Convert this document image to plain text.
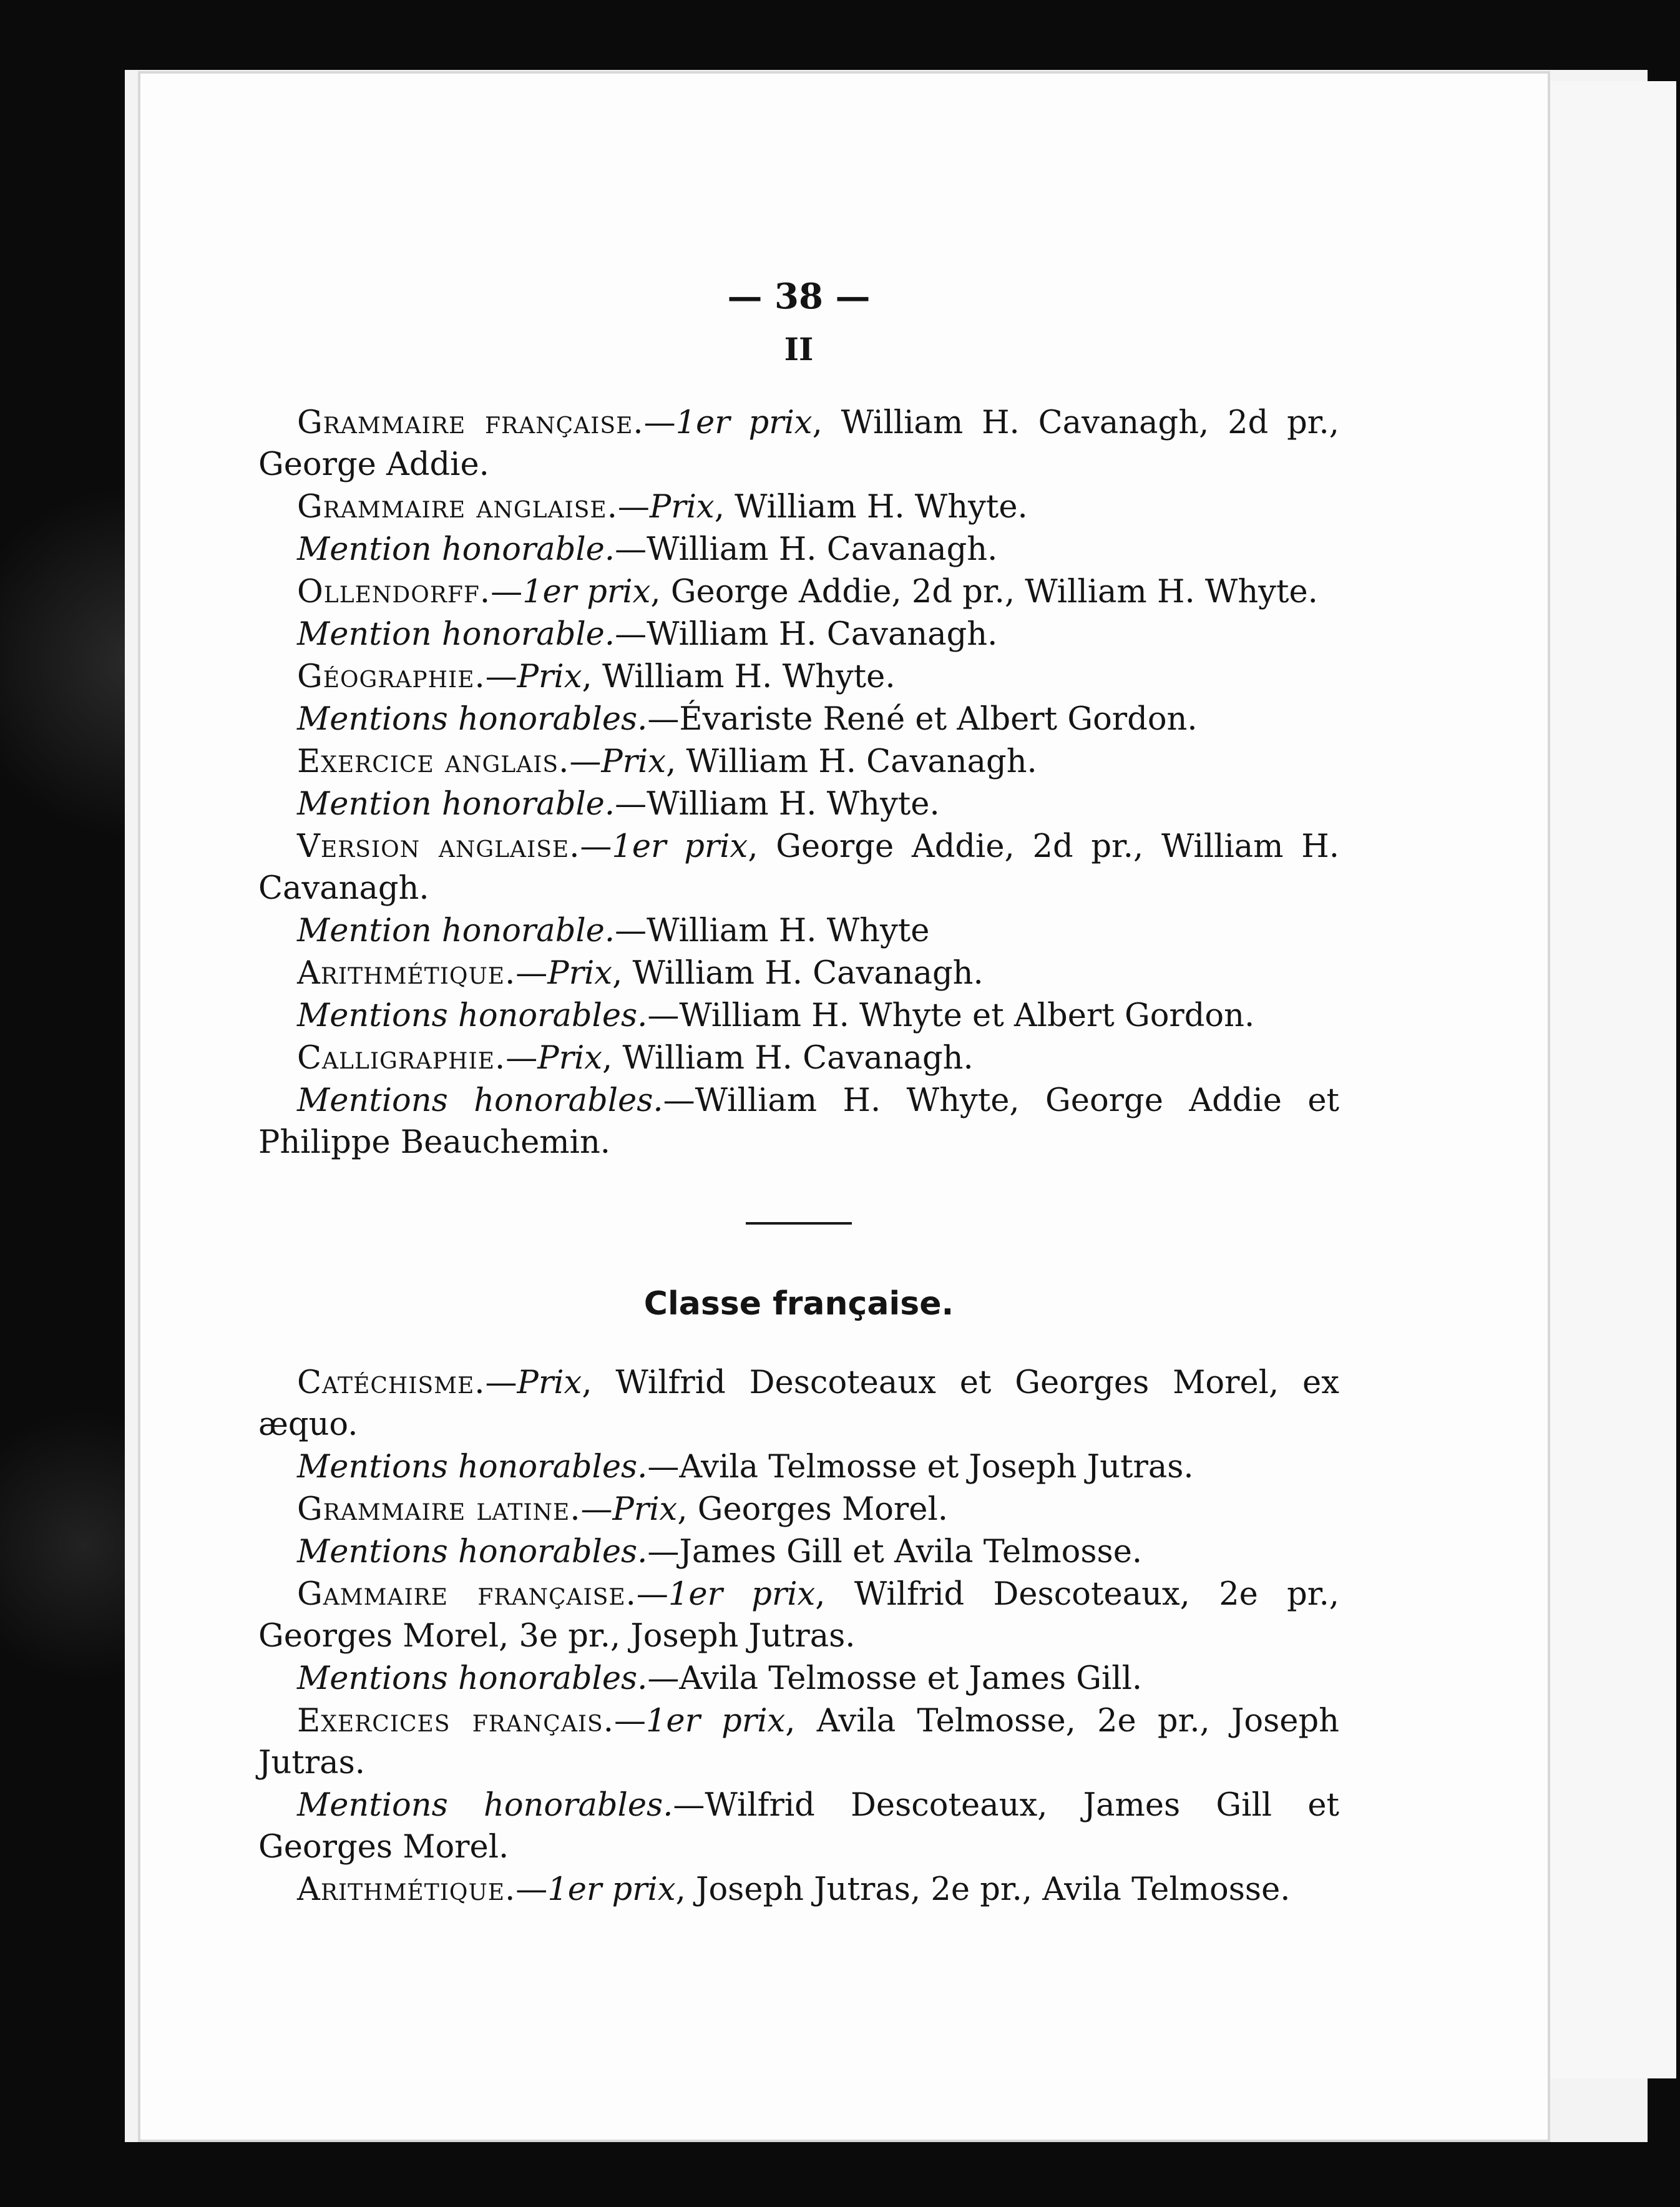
— 38 —
II

Grammaire française.—1er prix, William H. Cavanagh, 2d pr., George Addie.

Grammaire anglaise.—Prix, William H. Whyte.

Mention honorable.—William H. Cavanagh.

Ollendorff.—1er prix, George Addie, 2d pr., William H. Whyte.

Mention honorable.—William H. Cavanagh.

Géographie.—Prix, William H. Whyte.

Mentions honorables.—Évariste René et Albert Gordon.

Exercice anglais.—Prix, William H. Cavanagh.

Mention honorable.—William H. Whyte.

Version anglaise.—1er prix, George Addie, 2d pr., William H. Cavanagh.

Mention honorable.—William H. Whyte

Arithmétique.—Prix, William H. Cavanagh.

Mentions honorables.—William H. Whyte et Albert Gordon.

Calligraphie.—Prix, William H. Cavanagh.

Mentions honorables.—William H. Whyte, George Addie et Philippe Beauchemin.

Classe française.

Catéchisme.—Prix, Wilfrid Descoteaux et Georges Morel, ex æquo.

Mentions honorables.—Avila Telmosse et Joseph Jutras.

Grammaire latine.—Prix, Georges Morel.

Mentions honorables.—James Gill et Avila Telmosse.

Gammaire française.—1er prix, Wilfrid Descoteaux, 2e pr., Georges Morel, 3e pr., Joseph Jutras.

Mentions honorables.—Avila Telmosse et James Gill.

Exercices français.—1er prix, Avila Telmosse, 2e pr., Joseph Jutras.

Mentions honorables.—Wilfrid Descoteaux, James Gill et Georges Morel.

Arithmétique.—1er prix, Joseph Jutras, 2e pr., Avila Telmosse.
